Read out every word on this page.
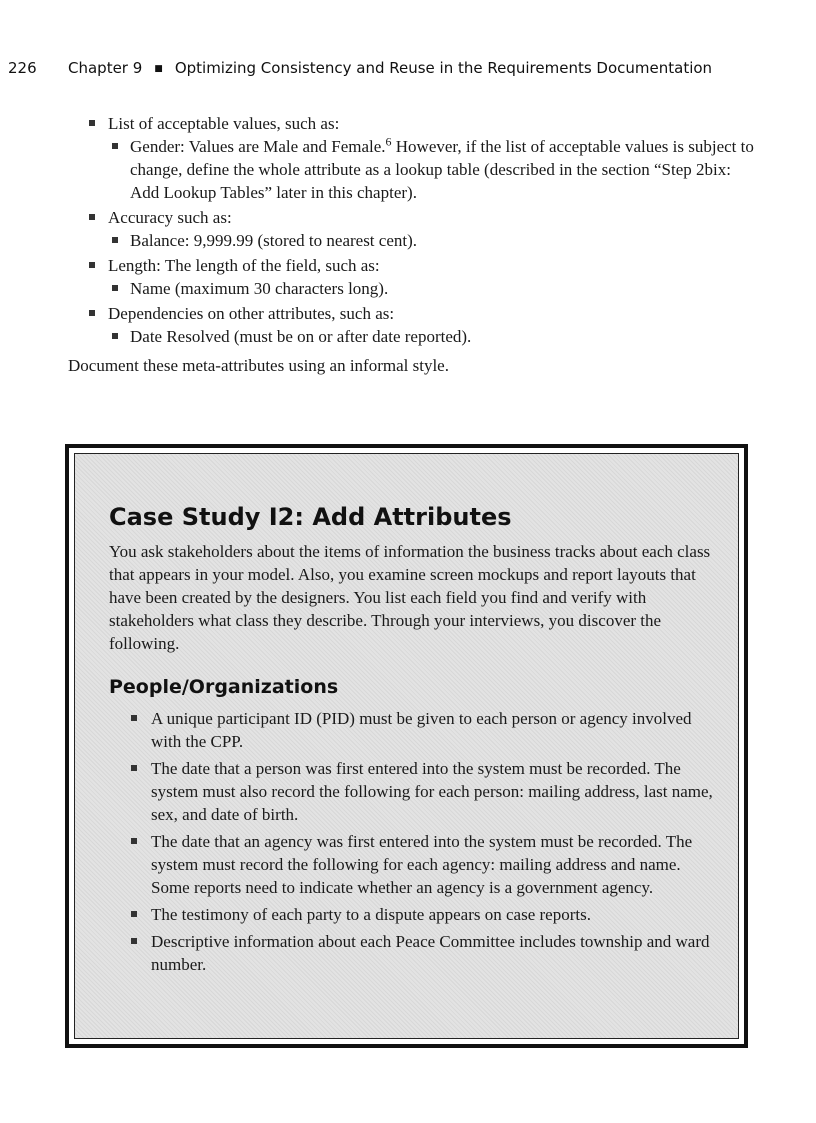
226 Chapter 9 ■ Optimizing Consistency and Reuse in the Requirements Documentation
List of acceptable values, such as:
Gender: Values are Male and Female.$^6$ However, if the list of acceptable values is subject to change, define the whole attribute as a lookup table (described in the section “Step 2bix: Add Lookup Tables” later in this chapter).
Accuracy such as:
Balance: 9,999.99 (stored to nearest cent).
Length: The length of the field, such as:
Name (maximum 30 characters long).
Dependencies on other attributes, such as:
Date Resolved (must be on or after date reported).
Document these meta-attributes using an informal style.
Case Study I2: Add Attributes

You ask stakeholders about the items of information the business tracks about each class that appears in your model. Also, you examine screen mockups and report layouts that have been created by the designers. You list each field you find and verify with stakeholders what class they describe. Through your interviews, you discover the following.

People/Organizations
A unique participant ID (PID) must be given to each person or agency involved with the CPP.
The date that a person was first entered into the system must be recorded. The system must also record the following for each person: mailing address, last name, sex, and date of birth.
The date that an agency was first entered into the system must be recorded. The system must record the following for each agency: mailing address and name. Some reports need to indicate whether an agency is a government agency.
The testimony of each party to a dispute appears on case reports.
Descriptive information about each Peace Committee includes township and ward number.
